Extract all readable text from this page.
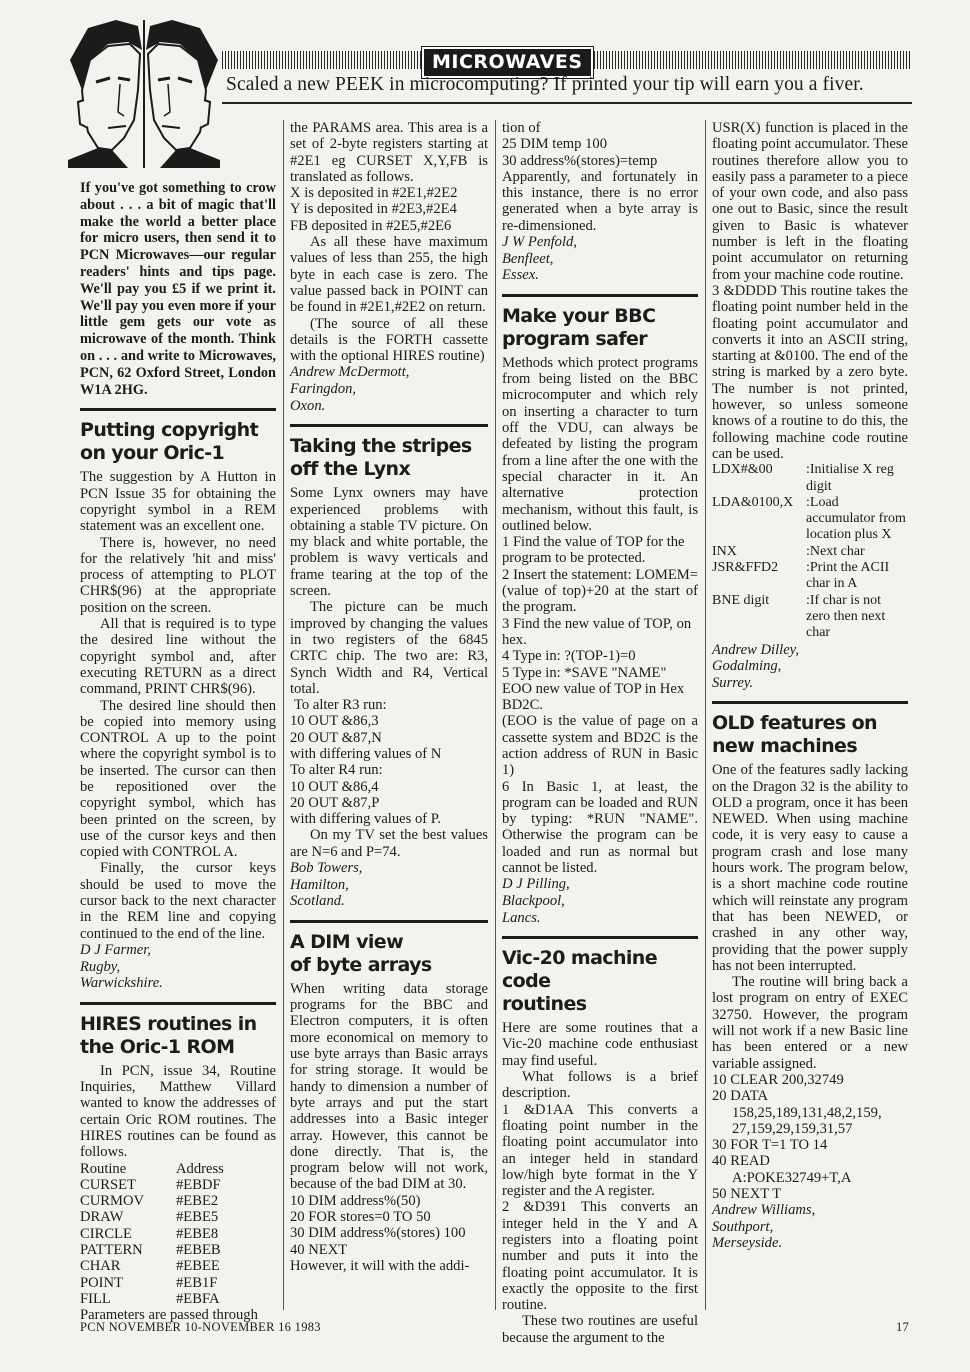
MICROWAVES
Scaled a new PEEK in microcomputing? If printed your tip will earn you a fiver.

If you've got something to crow about . . . a bit of magic that'll make the world a better place for micro users, then send it to PCN Microwaves—our regular readers' hints and tips page. We'll pay you £5 if we print it. We'll pay you even more if your little gem gets our vote as microwave of the month. Think on . . . and write to Microwaves, PCN, 62 Oxford Street, London W1A 2HG.

Putting copyright
on your Oric-1

The suggestion by A Hutton in PCN Issue 35 for obtaining the copyright symbol in a REM statement was an excellent one.

There is, however, no need for the relatively 'hit and miss' process of attempting to PLOT CHR$(96) at the appropriate position on the screen.

All that is required is to type the desired line without the copyright symbol and, after executing RETURN as a direct command, PRINT CHR$(96).

The desired line should then be copied into memory using CONTROL A up to the point where the copyright symbol is to be inserted. The cursor can then be repositioned over the copyright symbol, which has been printed on the screen, by use of the cursor keys and then copied with CONTROL A.

Finally, the cursor keys should be used to move the cursor back to the next character in the REM line and copying continued to the end of the line.

D J Farmer,
Rugby,
Warwickshire.
HIRES routines in
the Oric-1 ROM

In PCN, issue 34, Routine Inquiries, Matthew Villard wanted to know the addresses of certain Oric ROM routines. The HIRES routines can be found as follows.

Routine	Address
CURSET	#EBDF
CURMOV	#EBE2
DRAW	#EBE5
CIRCLE	#EBE8
PATTERN	#EBEB
CHAR	#EBEE
POINT	#EB1F
FILL	#EBFA

Parameters are passed through

the PARAMS area. This area is a set of 2-byte registers starting at #2E1 eg CURSET X,Y,FB is translated as follows.

X is deposited in #2E1,#2E2

Y is deposited in #2E3,#2E4

FB deposited in #2E5,#2E6

As all these have maximum values of less than 255, the high byte in each case is zero. The value passed back in POINT can be found in #2E1,#2E2 on return.

(The source of all these details is the FORTH cassette with the optional HIRES routine)

Andrew McDermott,
Faringdon,
Oxon.
Taking the stripes
off the Lynx

Some Lynx owners may have experienced problems with obtaining a stable TV picture. On my black and white portable, the problem is wavy verticals and frame tearing at the top of the screen.

The picture can be much improved by changing the values in two registers of the 6845 CRTC chip. The two are: R3, Synch Width and R4, Vertical total.

To alter R3 run:
10 OUT &86,3
20 OUT &87,N
with differing values of N
To alter R4 run:
10 OUT &86,4
20 OUT &87,P
with differing values of P.

On my TV set the best values are N=6 and P=74.

Bob Towers,
Hamilton,
Scotland.
A DIM view
of byte arrays

When writing data storage programs for the BBC and Electron computers, it is often more economical on memory to use byte arrays than Basic arrays for string storage. It would be handy to dimension a number of byte arrays and put the start addresses into a Basic integer array. However, this cannot be done directly. That is, the program below will not work, because of the bad DIM at 30.

10 DIM address%(50)
20 FOR stores=0 TO 50
30 DIM address%(stores) 100
40 NEXT

However, it will with the addi-

tion of
25 DIM temp 100
30 address%(stores)=temp

Apparently, and fortunately in this instance, there is no error generated when a byte array is re-dimensioned.

J W Penfold,
Benfleet,
Essex.
Make your BBC
program safer

Methods which protect programs from being listed on the BBC microcomputer and which rely on inserting a character to turn off the VDU, can always be defeated by listing the program from a line after the one with the special character in it. An alternative protection mechanism, without this fault, is outlined below.

1 Find the value of TOP for the program to be protected.

2 Insert the statement: LOMEM=(value of top)+20 at the start of the program.

3 Find the new value of TOP, on hex.

4 Type in: ?(TOP-1)=0

5 Type in: *SAVE "NAME" EOO new value of TOP in Hex BD2C.

(EOO is the value of page on a cassette system and BD2C is the action address of RUN in Basic 1)

6 In Basic 1, at least, the program can be loaded and RUN by typing: *RUN "NAME". Otherwise the program can be loaded and run as normal but cannot be listed.

D J Pilling,
Blackpool,
Lancs.
Vic-20 machine code
routines

Here are some routines that a Vic-20 machine code enthusiast may find useful.

What follows is a brief description.

1 &D1AA This converts a floating point number in the floating point accumulator into an integer held in standard low/high byte format in the Y register and the A register.

2 &D391 This converts an integer held in the Y and A registers into a floating point number and puts it into the floating point accumulator. It is exactly the opposite to the first routine.

These two routines are useful because the argument to the

USR(X) function is placed in the floating point accumulator. These routines therefore allow you to easily pass a parameter to a piece of your own code, and also pass one out to Basic, since the result given to Basic is whatever number is left in the floating point accumulator on returning from your machine code routine.

3 &DDDD This routine takes the floating point number held in the floating point accumulator and converts it into an ASCII string, starting at &0100. The end of the string is marked by a zero byte. The number is not printed, however, so unless someone knows of a routine to do this, the following machine code routine can be used.

LDX#&00	:Initialise X reg
	digit
LDA&0100,X	:Load accumulator from location plus X
INX	:Next char
JSR&FFD2	:Print the ACII char in A
BNE digit	:If char is not zero then next char
Andrew Dilley,
Godalming,
Surrey.
OLD features on
new machines

One of the features sadly lacking on the Dragon 32 is the ability to OLD a program, once it has been NEWED. When using machine code, it is very easy to cause a program crash and lose many hours work. The program below, is a short machine code routine which will reinstate any program that has been NEWED, or crashed in any other way, providing that the power supply has not been interrupted.

The routine will bring back a lost program on entry of EXEC 32750. However, the program will not work if a new Basic line has been entered or a new variable assigned.

10 CLEAR 200,32749
20 DATA
158,25,189,131,48,2,159,
27,159,29,159,31,57
30 FOR T=1 TO 14
40 READ
A:POKE32749+T,A
50 NEXT T
Andrew Williams,
Southport,
Merseyside.
PCN NOVEMBER 10-NOVEMBER 16 1983	17
